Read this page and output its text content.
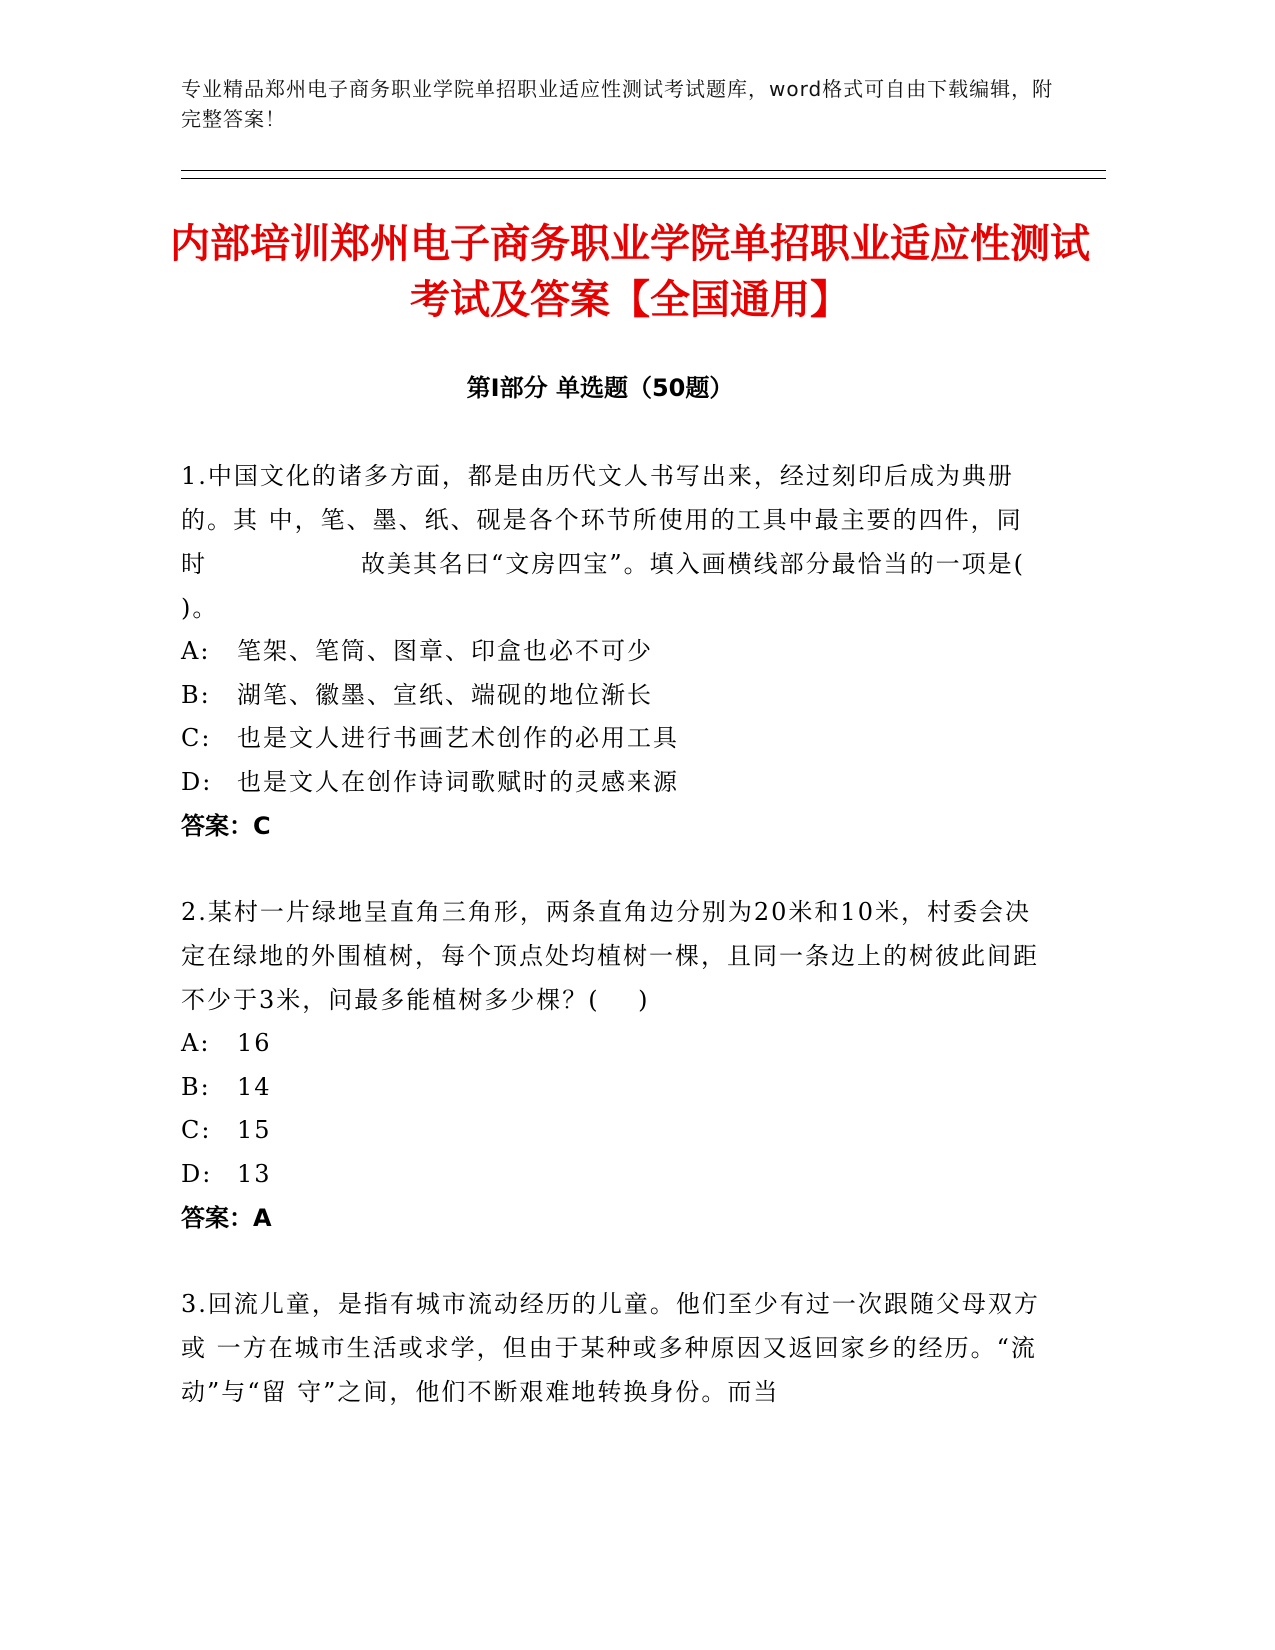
专业精品郑州电子商务职业学院单招职业适应性测试考试题库，word格式可自由下载编辑，附完整答案！
内部培训郑州电子商务职业学院单招职业适应性测试考试及答案【全国通用】
第Ⅰ部分 单选题（50题）

1.中国文化的诸多方面，都是由历代文人书写出来，经过刻印后成为典册的。其 中，笔、墨、纸、砚是各个环节所使用的工具中最主要的四件，同时                故美其名曰“文房四宝”。填入画横线部分最恰当的一项是(    )。

A:	笔架、笔筒、图章、印盒也必不可少
B:	湖笔、徽墨、宣纸、端砚的地位渐长
C:	也是文人进行书画艺术创作的必用工具
D:	也是文人在创作诗词歌赋时的灵感来源
答案：C

2.某村一片绿地呈直角三角形，两条直角边分别为20米和10米，村委会决定在绿地的外围植树，每个顶点处均植树一棵，且同一条边上的树彼此间距不少于3米，问最多能植树多少棵？(    )

A:	16
B:	14
C:	15
D:	13
答案：A

3.回流儿童，是指有城市流动经历的儿童。他们至少有过一次跟随父母双方或 一方在城市生活或求学，但由于某种或多种原因又返回家乡的经历。“流动”与“留 守”之间，他们不断艰难地转换身份。而当
